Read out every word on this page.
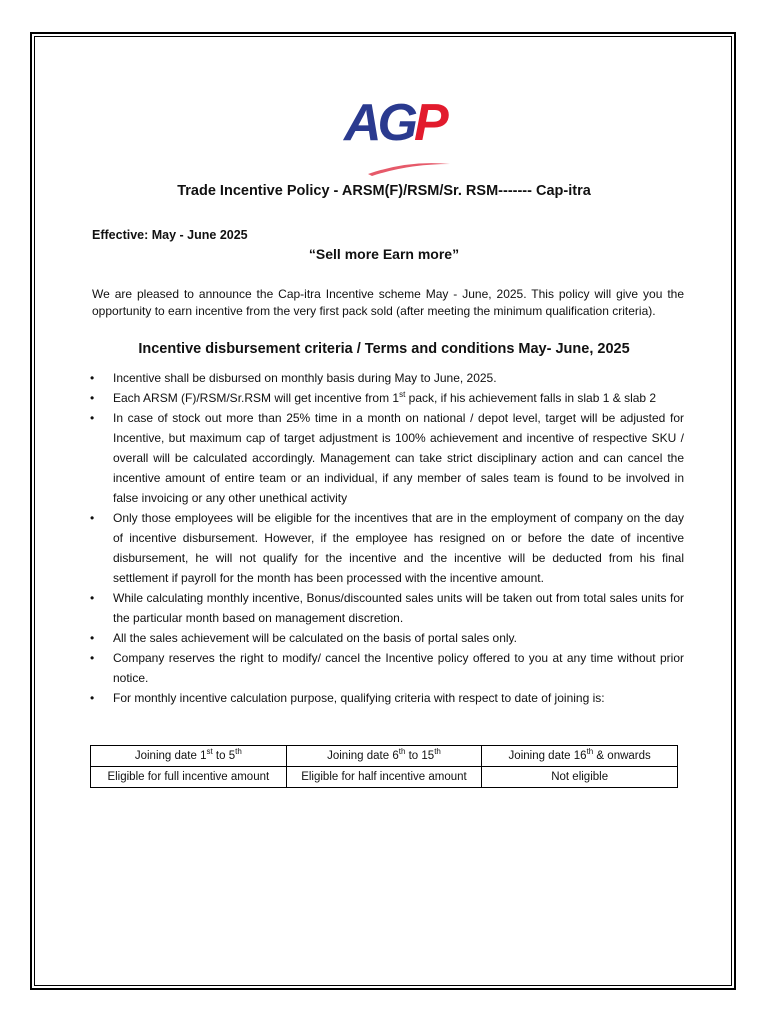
AG P
Trade Incentive Policy - ARSM(F)/RSM/Sr. RSM------- Cap-itra
Effective: May - June 2025
“Sell more Earn more”
We are pleased to announce the Cap-itra Incentive scheme May - June, 2025. This policy will give you the opportunity to earn incentive from the very first pack sold (after meeting the minimum qualification criteria).
Incentive disbursement criteria / Terms and conditions May- June, 2025
• Incentive shall be disbursed on monthly basis during May to June, 2025.
• Each ARSM (F)/RSM/Sr.RSM will get incentive from 1st pack, if his achievement falls in slab 1 & slab 2
• In case of stock out more than 25% time in a month on national / depot level, target will be adjusted for Incentive, but maximum cap of target adjustment is 100% achievement and incentive of respective SKU / overall will be calculated accordingly. Management can take strict disciplinary action and can cancel the incentive amount of entire team or an individual, if any member of sales team is found to be involved in false invoicing or any other unethical activity
• Only those employees will be eligible for the incentives that are in the employment of company on the day of incentive disbursement. However, if the employee has resigned on or before the date of incentive disbursement, he will not qualify for the incentive and the incentive will be deducted from his final settlement if payroll for the month has been processed with the incentive amount.
• While calculating monthly incentive, Bonus/discounted sales units will be taken out from total sales units for the particular month based on management discretion.
• All the sales achievement will be calculated on the basis of portal sales only.
• Company reserves the right to modify/ cancel the Incentive policy offered to you at any time without prior notice.
• For monthly incentive calculation purpose, qualifying criteria with respect to date of joining is:
Joining date 1st to 5th	Joining date 6th to 15th	Joining date 16th & onwards
Eligible for full incentive amount	Eligible for half incentive amount	Not eligible
